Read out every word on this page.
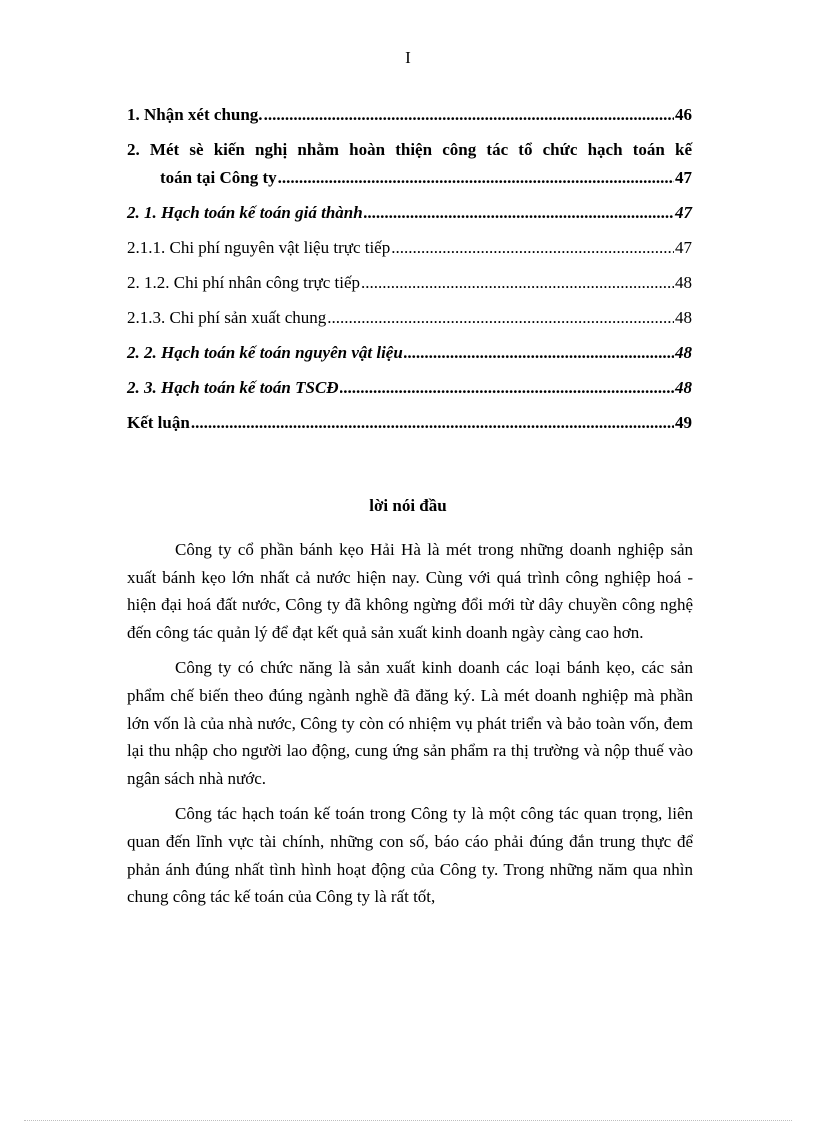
I
1. Nhận xét chung. .....	46
2. Mét sè kiến nghị nhằm hoàn thiện công tác tổ chức hạch toán kế
toán tại Công ty .....	47
2. 1. Hạch toán kế toán giá thành .....	47
2.1.1. Chi phí nguyên vật liệu trực tiếp .....	47
2. 1.2. Chi phí nhân công trực tiếp .....	48
2.1.3. Chi phí sản xuất chung .....	48
2. 2. Hạch toán kế toán nguyên vật liệu .....	48
2. 3. Hạch toán kế toán TSCĐ .....	48
Kết luận .....	49
lời nói đầu

Công ty cổ phần bánh kẹo Hải Hà là mét trong những doanh nghiệp sản xuất bánh kẹo lớn nhất cả nước hiện nay. Cùng với quá trình công nghiệp hoá - hiện đại hoá đất nước, Công ty đã không ngừng đổi mới từ dây chuyền công nghệ đến công tác quản lý để đạt kết quả sản xuất kinh doanh ngày càng cao hơn.

Công ty có chức năng là sản xuất kinh doanh các loại bánh kẹo, các sản phẩm chế biến theo đúng ngành nghề đã đăng ký. Là mét doanh nghiệp mà phần lớn vốn là của nhà nước, Công ty còn có nhiệm vụ phát triển và bảo toàn vốn, đem lại thu nhập cho người lao động, cung ứng sản phẩm ra thị trường và nộp thuế vào ngân sách nhà nước.

Công tác hạch toán kế toán trong Công ty là một công tác quan trọng, liên quan đến lĩnh vực tài chính, những con số, báo cáo phải đúng đắn trung thực để phản ánh đúng nhất tình hình hoạt động của Công ty. Trong những năm qua nhìn chung công tác kế toán của Công ty là rất tốt,
